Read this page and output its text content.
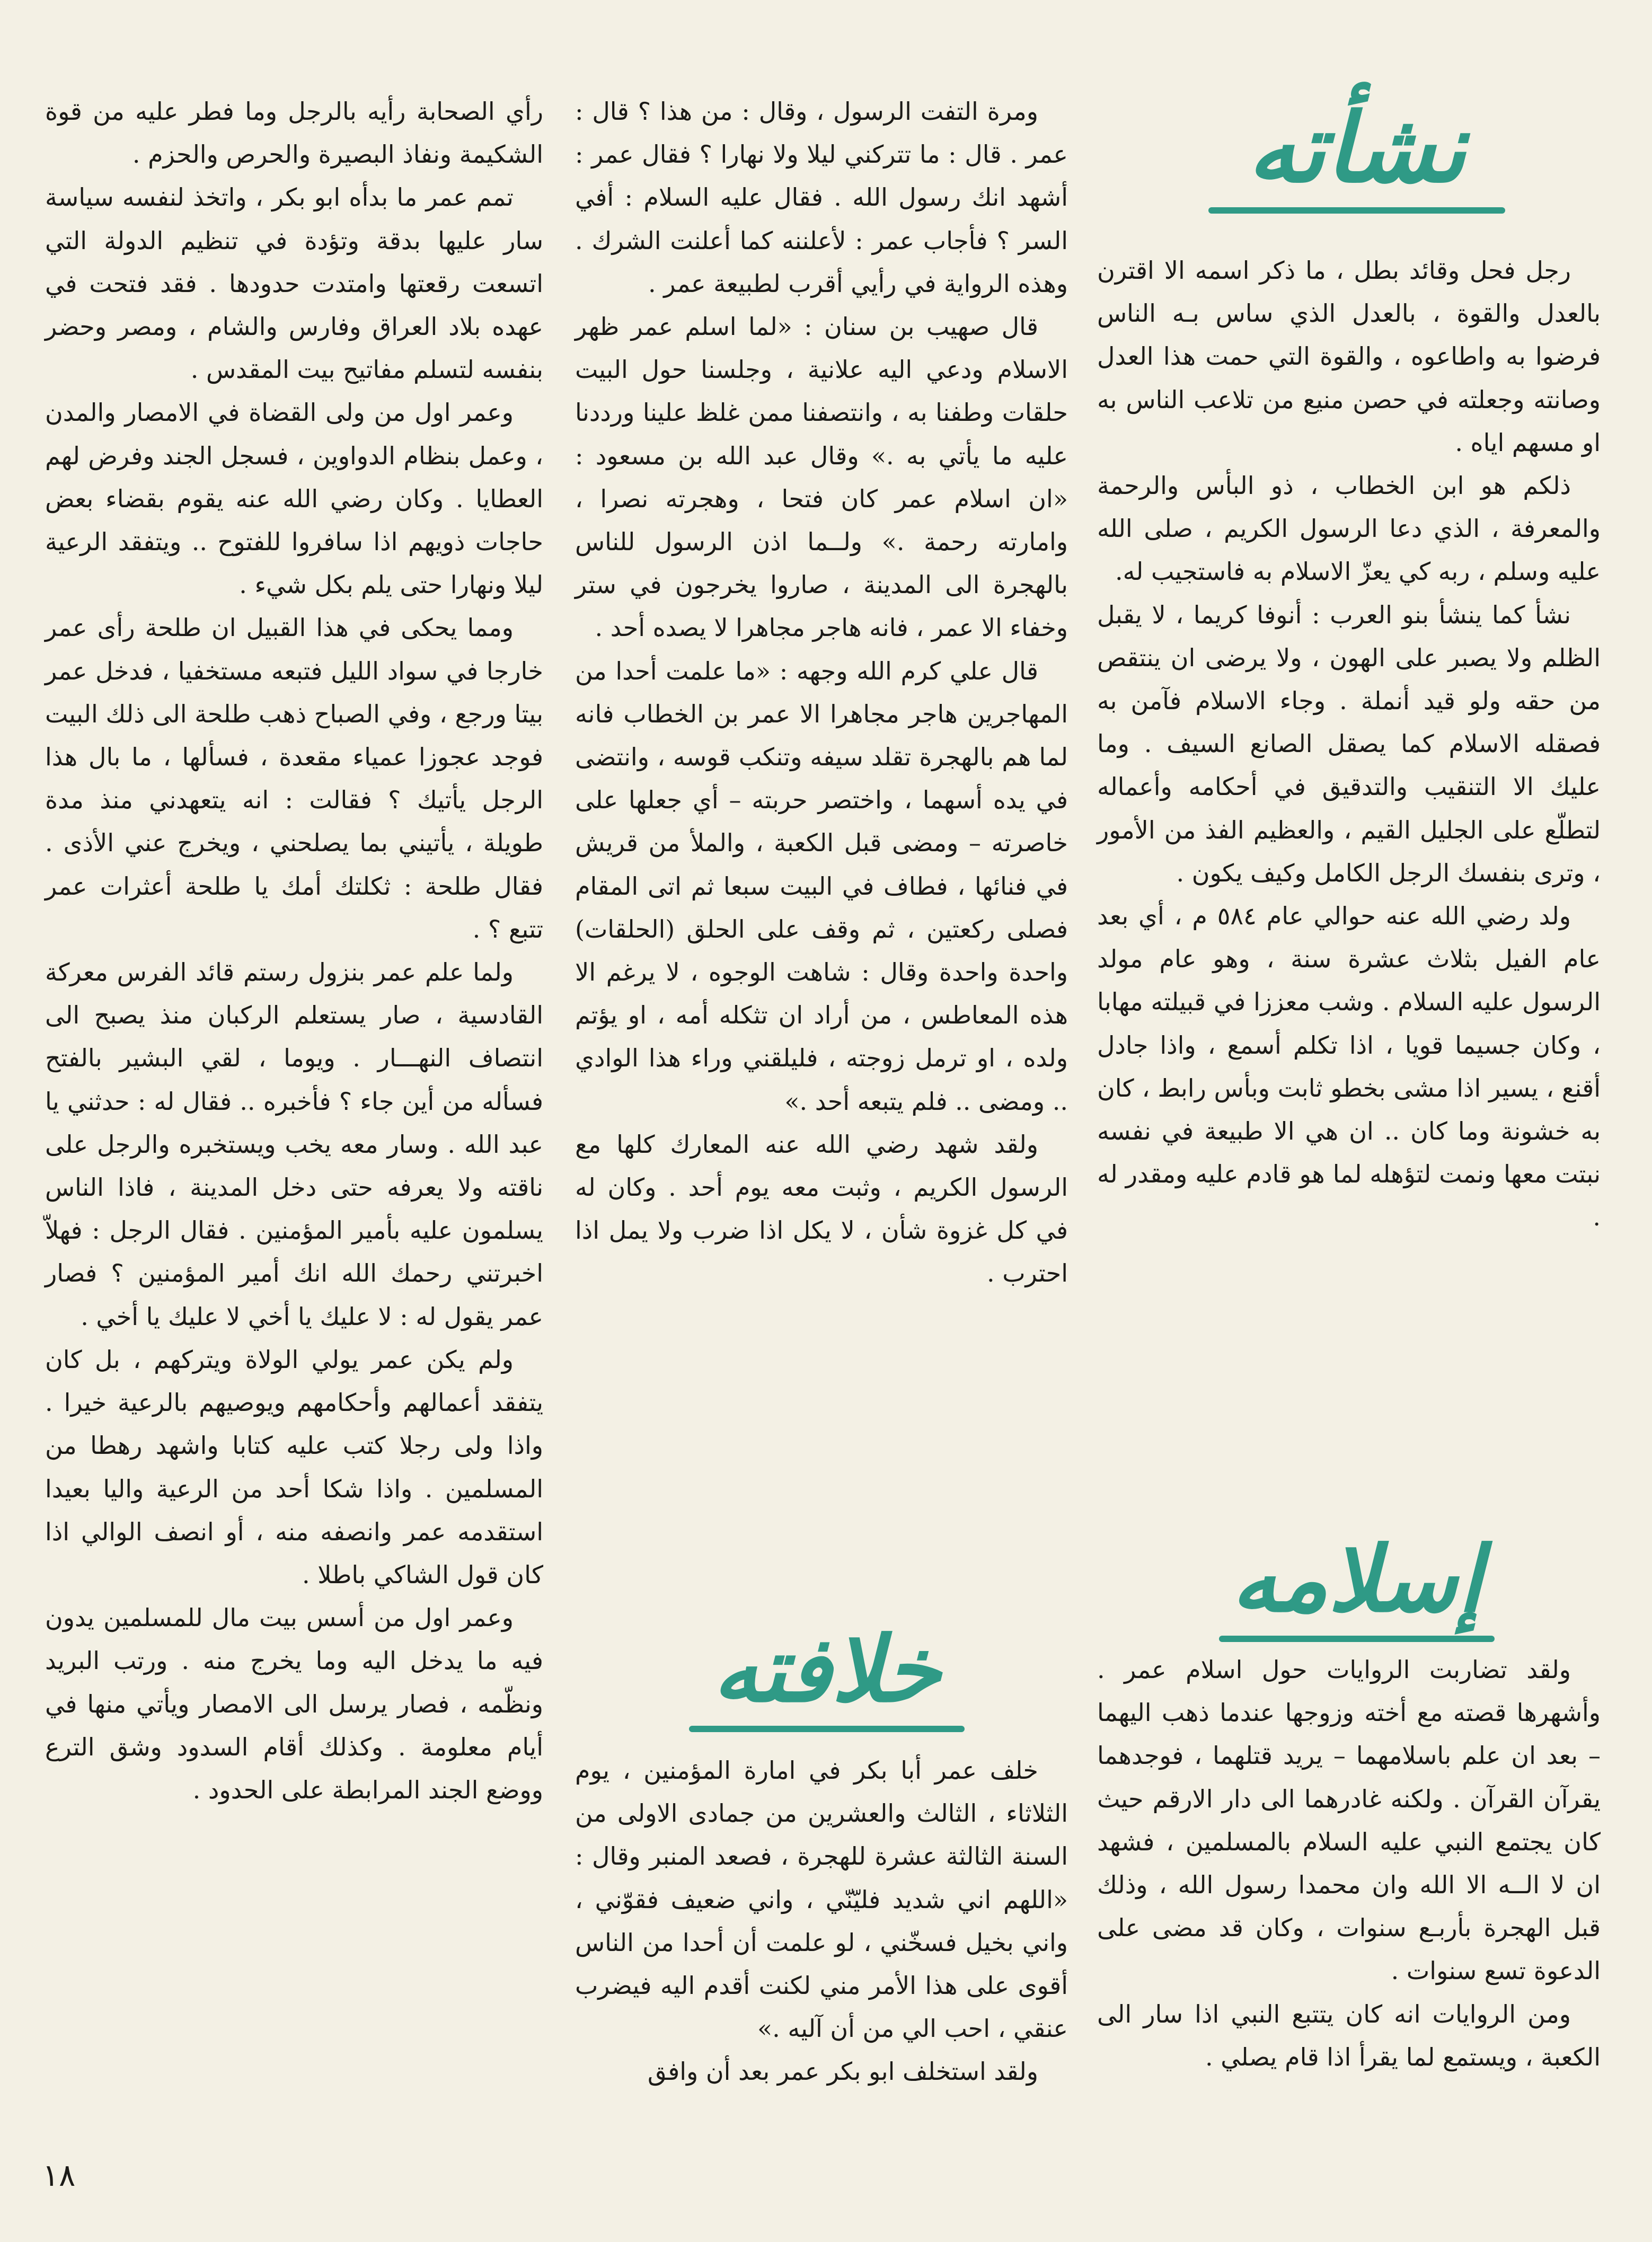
نشأته

رجل فحل وقائد بطل ، ما ذكر اسمه الا اقترن بالعدل والقوة ، بالعدل الذي ساس بـه الناس فرضوا به واطاعوه ، والقوة التي حمت هذا العدل وصانته وجعلته في حصن منيع من تلاعب الناس به او مسهم اياه .

ذلكم هو ابن الخطاب ، ذو البأس والرحمة والمعرفة ، الذي دعا الرسول الكريم ، صلى الله عليه وسلم ، ربه كي يعزّ الاسلام به فاستجيب له.

نشأ كما ينشأ بنو العرب : أنوفا كريما ، لا يقبل الظلم ولا يصبر على الهون ، ولا يرضى ان ينتقص من حقه ولو قيد أنملة . وجاء الاسلام فآمن به فصقله الاسلام كما يصقل الصانع السيف . وما عليك الا التنقيب والتدقيق في أحكامه وأعماله لتطلّع على الجليل القيم ، والعظيم الفذ من الأمور ، وترى بنفسك الرجل الكامل وكيف يكون .

ولد رضي الله عنه حوالي عام ٥٨٤ م ، أي بعد عام الفيل بثلاث عشرة سنة ، وهو عام مولد الرسول عليه السلام . وشب معززا في قبيلته مهابا ، وكان جسيما قويا ، اذا تكلم أسمع ، واذا جادل أقنع ، يسير اذا مشى بخطو ثابت وبأس رابط ، كان به خشونة وما كان .. ان هي الا طبيعة في نفسه نبتت معها ونمت لتؤهله لما هو قادم عليه ومقدر له .

إسلامه

ولقد تضاربت الروايات حول اسلام عمر . وأشهرها قصته مع أخته وزوجها عندما ذهب اليهما – بعد ان علم باسلامهما – يريد قتلهما ، فوجدهما يقرآن القرآن . ولكنه غادرهما الى دار الارقم حيث كان يجتمع النبي عليه السلام بالمسلمين ، فشهد ان لا الــه الا الله وان محمدا رسول الله ، وذلك قبل الهجرة بأربـع سنوات ، وكان قد مضى على الدعوة تسع سنوات .

ومن الروايات انه كان يتتبع النبي اذا سار الى الكعبة ، ويستمع لما يقرأ اذا قام يصلي .

ومرة التفت الرسول ، وقال : من هذا ؟ قال : عمر . قال : ما تتركني ليلا ولا نهارا ؟ فقال عمر : أشهد انك رسول الله . فقال عليه السلام : أفي السر ؟ فأجاب عمر : لأعلننه كما أعلنت الشرك . وهذه الرواية في رأيي أقرب لطبيعة عمر .

قال صهيب بن سنان : «لما اسلم عمر ظهر الاسلام ودعي اليه علانية ، وجلسنا حول البيت حلقات وطفنا به ، وانتصفنا ممن غلظ علينا ورددنا عليه ما يأتي به .» وقال عبد الله بن مسعود : «ان اسلام عمر كان فتحا ، وهجرته نصرا ، وامارته رحمة .» ولــما اذن الرسول للناس بالهجرة الى المدينة ، صاروا يخرجون في ستر وخفاء الا عمر ، فانه هاجر مجاهرا لا يصده أحد .

قال علي كرم الله وجهه : «ما علمت أحدا من المهاجرين هاجر مجاهرا الا عمر بن الخطاب فانه لما هم بالهجرة تقلد سيفه وتنكب قوسه ، وانتضى في يده أسهما ، واختصر حربته – أي جعلها على خاصرته – ومضى قبل الكعبة ، والملأ من قريش في فنائها ، فطاف في البيت سبعا ثم اتى المقام فصلى ركعتين ، ثم وقف على الحلق (الحلقات) واحدة واحدة وقال : شاهت الوجوه ، لا يرغم الا هذه المعاطس ، من أراد ان تثكله أمه ، او يؤتم ولده ، او ترمل زوجته ، فليلقني وراء هذا الوادي .. ومضى .. فلم يتبعه أحد .»

ولقد شهد رضي الله عنه المعارك كلها مع الرسول الكريم ، وثبت معه يوم أحد . وكان له في كل غزوة شأن ، لا يكل اذا ضرب ولا يمل اذا احترب .

خلافته

خلف عمر أبا بكر في امارة المؤمنين ، يوم الثلاثاء ، الثالث والعشرين من جمادى الاولى من السنة الثالثة عشرة للهجرة ، فصعد المنبر وقال : «اللهم اني شديد فليّنّي ، واني ضعيف فقوّني ، واني بخيل فسخّني ، لو علمت أن أحدا من الناس أقوى على هذا الأمر مني لكنت أقدم اليه فيضرب عنقي ، احب الي من أن آليه .»

ولقد استخلف ابو بكر عمر بعد أن وافق

رأي الصحابة رأيه بالرجل وما فطر عليه من قوة الشكيمة ونفاذ البصيرة والحرص والحزم .

تمم عمر ما بدأه ابو بكر ، واتخذ لنفسه سياسة سار عليها بدقة وتؤدة في تنظيم الدولة التي اتسعت رقعتها وامتدت حدودها . فقد فتحت في عهده بلاد العراق وفارس والشام ، ومصر وحضر بنفسه لتسلم مفاتيح بيت المقدس .

وعمر اول من ولى القضاة في الامصار والمدن ، وعمل بنظام الدواوين ، فسجل الجند وفرض لهم العطايا . وكان رضي الله عنه يقوم بقضاء بعض حاجات ذويهم اذا سافروا للفتوح .. ويتفقد الرعية ليلا ونهارا حتى يلم بكل شيء .

ومما يحكى في هذا القبيل ان طلحة رأى عمر خارجا في سواد الليل فتبعه مستخفيا ، فدخل عمر بيتا ورجع ، وفي الصباح ذهب طلحة الى ذلك البيت فوجد عجوزا عمياء مقعدة ، فسألها ، ما بال هذا الرجل يأتيك ؟ فقالت : انه يتعهدني منذ مدة طويلة ، يأتيني بما يصلحني ، ويخرج عني الأذى . فقال طلحة : ثكلتك أمك يا طلحة أعثرات عمر تتبع ؟ .

ولما علم عمر بنزول رستم قائد الفرس معركة القادسية ، صار يستعلم الركبان منذ يصبح الى انتصاف النهـــار . ويوما ، لقي البشير بالفتح فسأله من أين جاء ؟ فأخبره .. فقال له : حدثني يا عبد الله . وسار معه يخب ويستخبره والرجل على ناقته ولا يعرفه حتى دخل المدينة ، فاذا الناس يسلمون عليه بأمير المؤمنين . فقال الرجل : فهلاّ اخبرتني رحمك الله انك أمير المؤمنين ؟ فصار عمر يقول له : لا عليك يا أخي لا عليك يا أخي .

ولم يكن عمر يولي الولاة ويتركهم ، بل كان يتفقد أعمالهم وأحكامهم ويوصيهم بالرعية خيرا . واذا ولى رجلا كتب عليه كتابا واشهد رهطا من المسلمين . واذا شكا أحد من الرعية واليا بعيدا استقدمه عمر وانصفه منه ، أو انصف الوالي اذا كان قول الشاكي باطلا .

وعمر اول من أسس بيت مال للمسلمين يدون فيه ما يدخل اليه وما يخرج منه . ورتب البريد ونظّمه ، فصار يرسل الى الامصار ويأتي منها في أيام معلومة . وكذلك أقام السدود وشق الترع ووضع الجند المرابطة على الحدود .

١٨
